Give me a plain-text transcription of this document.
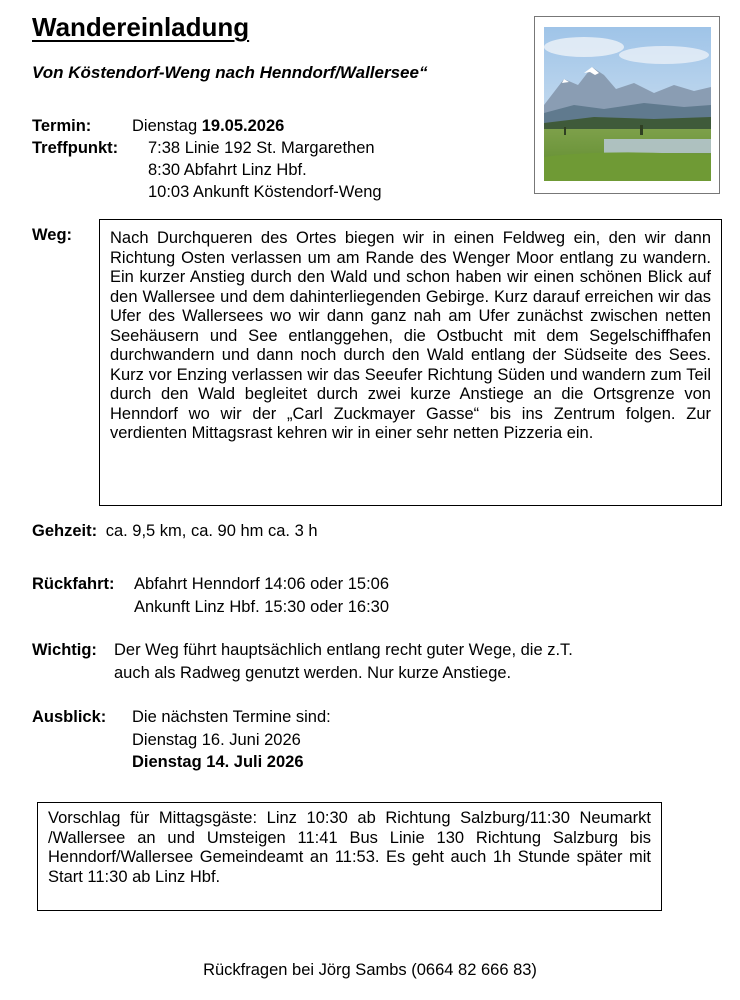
Wandereinladung
Von Köstendorf-Weng nach Henndorf/Wallersee“
Termin: Dienstag 19.05.2026
Treffpunkt: 7:38 Linie 192 St. Margarethen
8:30 Abfahrt Linz Hbf.
10:03 Ankunft Köstendorf-Weng
Weg:	Nach Durchqueren des Ortes biegen wir in einen Feldweg ein, den wir dann Richtung Osten verlassen um am Rande des Wenger Moor entlang zu wandern. Ein kurzer Anstieg durch den Wald und schon haben wir einen schönen Blick auf den Wallersee und dem dahinterliegenden Gebirge. Kurz darauf erreichen wir das Ufer des Wallersees wo wir dann ganz nah am Ufer zunächst zwischen netten Seehäusern und See entlanggehen, die Ostbucht mit dem Segelschiffhafen durchwandern und dann noch durch den Wald entlang der Südseite des Sees. Kurz vor Enzing verlassen wir das Seeufer Richtung Süden und wandern zum Teil durch den Wald begleitet durch zwei kurze Anstiege an die Ortsgrenze von Henndorf wo wir der „Carl Zuckmayer Gasse“ bis ins Zentrum folgen. Zur verdienten Mittagsrast kehren wir in einer sehr netten Pizzeria ein.
Gehzeit: ca. 9,5 km, ca. 90 hm ca. 3 h
Rückfahrt: Abfahrt Henndorf 14:06 oder 15:06
Ankunft Linz Hbf. 15:30 oder 16:30
Wichtig: Der Weg führt hauptsächlich entlang recht guter Wege, die z.T.
auch als Radweg genutzt werden. Nur kurze Anstiege.
Ausblick: Die nächsten Termine sind:
Dienstag 16. Juni 2026
Dienstag 14. Juli 2026
Vorschlag für Mittagsgäste: Linz 10:30 ab Richtung Salzburg/11:30 Neumarkt /Wallersee an und Umsteigen 11:41 Bus Linie 130 Richtung Salzburg bis Henndorf/Wallersee Gemeindeamt an 11:53. Es geht auch 1h Stunde später mit Start 11:30 ab Linz Hbf.
Rückfragen bei Jörg Sambs (0664 82 666 83)
